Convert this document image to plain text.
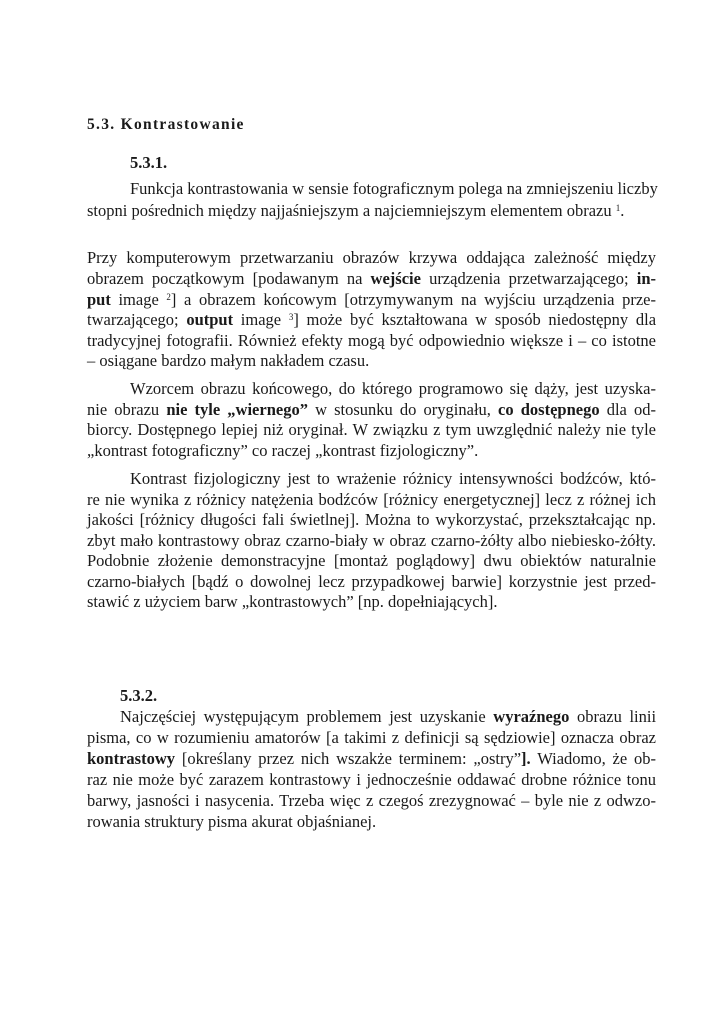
5.3. Kontrastowanie
5.3.1.

Funkcja kontrastowania w sensie fotograficznym polega na zmniejszeniu liczby

stopni pośrednich między najjaśniejszym a najciemniejszym elementem obrazu $^1$.

Przy komputerowym przetwarzaniu obrazów krzywa oddająca zależność między

obrazem początkowym [podawanym na wejście urządzenia przetwarzającego; in-

put image $^2$] a obrazem końcowym [otrzymywanym na wyjściu urządzenia prze-

twarzającego; output image $^3$] może być kształtowana w sposób niedostępny dla

tradycyjnej fotografii. Również efekty mogą być odpowiednio większe i – co istotne

– osiągane bardzo małym nakładem czasu.

Wzorcem obrazu końcowego, do którego programowo się dąży, jest uzyska-

nie obrazu nie tyle „wiernego” w stosunku do oryginału, co dostępnego dla od-

biorcy. Dostępnego lepiej niż oryginał. W związku z tym uwzględnić należy nie tyle

„kontrast fotograficzny” co raczej „kontrast fizjologiczny”.

Kontrast fizjologiczny jest to wrażenie różnicy intensywności bodźców, któ-

re nie wynika z różnicy natężenia bodźców [różnicy energetycznej] lecz z różnej ich

jakości [różnicy długości fali świetlnej]. Można to wykorzystać, przekształcając np.

zbyt mało kontrastowy obraz czarno-biały w obraz czarno-żółty albo niebiesko-żółty.

Podobnie złożenie demonstracyjne [montaż poglądowy] dwu obiektów naturalnie

czarno-białych [bądź o dowolnej lecz przypadkowej barwie] korzystnie jest przed-

stawić z użyciem barw „kontrastowych” [np. dopełniających].

5.3.2.

Najczęściej występującym problemem jest uzyskanie wyraźnego obrazu linii

pisma, co w rozumieniu amatorów [a takimi z definicji są sędziowie] oznacza obraz

kontrastowy [określany przez nich wszakże terminem: „ostry”]. Wiadomo, że ob-

raz nie może być zarazem kontrastowy i jednocześnie oddawać drobne różnice tonu

barwy, jasności i nasycenia. Trzeba więc z czegoś zrezygnować – byle nie z odwzo-

rowania struktury pisma akurat objaśnianej.
